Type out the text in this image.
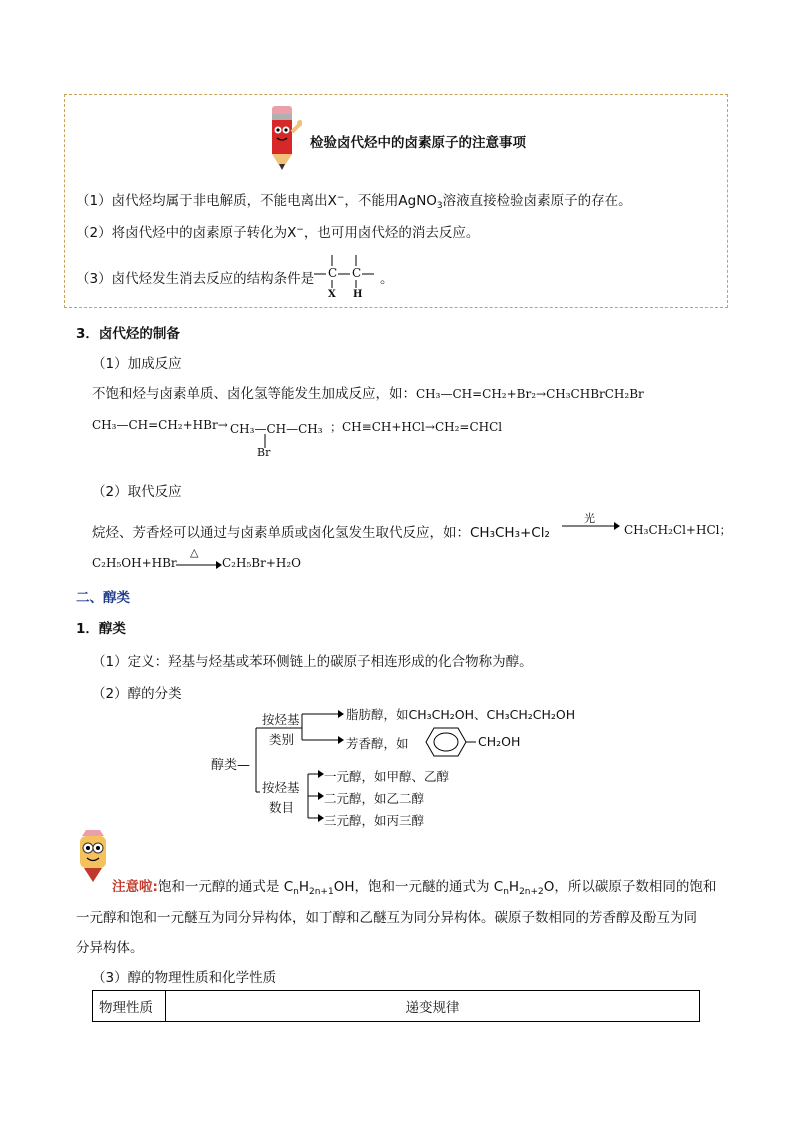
检验卤代烃中的卤素原子的注意事项
（1）卤代烃均属于非电解质，不能电离出X−，不能用AgNO$_3$溶液直接检验卤素原子的存在。
（2）将卤代烃中的卤素原子转化为X−，也可用卤代烃的消去反应。
（3）卤代烃发生消去反应的结构条件是 C C
X H
。
3．卤代烃的制备
（1）加成反应
不饱和烃与卤素单质、卤化氢等能发生加成反应，如：CH₃—CH=CH₂+Br₂→CH₃CHBrCH₂Br
CH₃—CH=CH₂+HBr→ CH₃—CH—CH₃
Br
；CH≡CH+HCl→CH₂=CHCl
（2）取代反应
烷烃、芳香烃可以通过与卤素单质或卤化氢发生取代反应，如：CH₃CH₃+Cl₂
光
CH₃CH₂Cl+HCl；
C₂H₅OH+HBr
△
C₂H₅Br+H₂O
二、醇类
1．醇类
（1）定义：羟基与烃基或苯环侧链上的碳原子相连形成的化合物称为醇。
（2）醇的分类
醇类—
按烃基
类别
按烃基
数目
脂肪醇，如CH₃CH₂OH、CH₃CH₂CH₂OH
芳香醇，如	CH₂OH
一元醇，如甲醇、乙醇
二元醇，如乙二醇
三元醇，如丙三醇
注意啦:饱和一元醇的通式是 $C_nH_{2n+1}OH$，饱和一元醚的通式为 $C_nH_{2n+2}O$，所以碳原子数相同的饱和
一元醇和饱和一元醚互为同分异构体，如丁醇和乙醚互为同分异构体。碳原子数相同的芳香醇及酚互为同
分异构体。
（3）醇的物理性质和化学性质
物理性质	递变规律
